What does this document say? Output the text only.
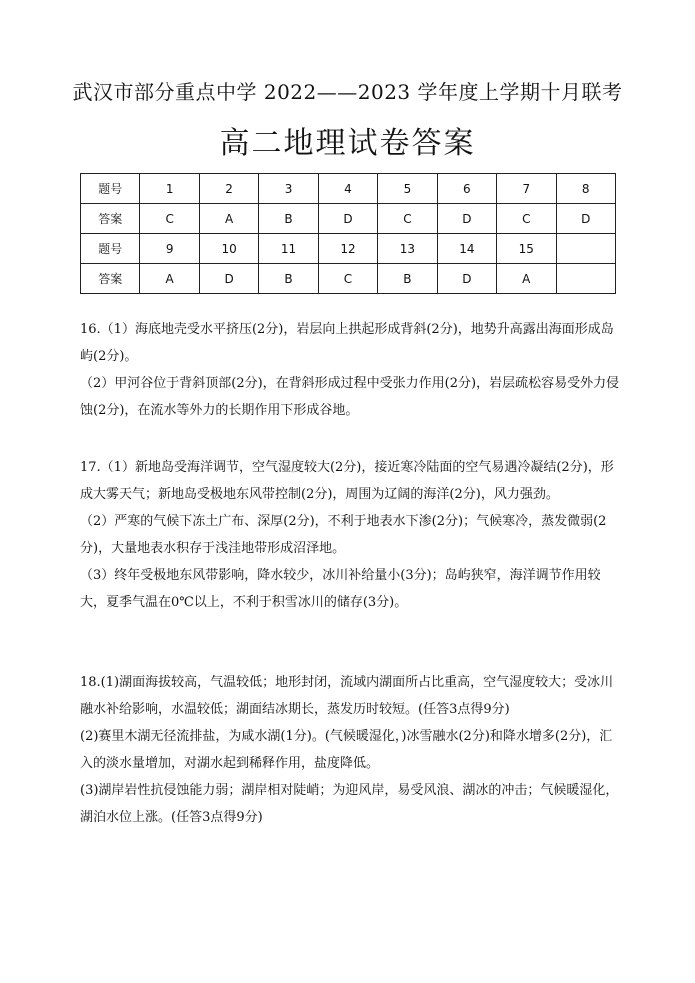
武汉市部分重点中学 2022——2023 学年度上学期十月联考
高二地理试卷答案
题号	1	2	3	4	5	6	7	8
答案	C	A	B	D	C	D	C	D
题号	9	10	11	12	13	14	15	
答案	A	D	B	C	B	D	A	

16.（1）海底地壳受水平挤压(2分)，岩层向上拱起形成背斜(2分)，地势升高露出海面形成岛屿(2分)。

（2）甲河谷位于背斜顶部(2分)，在背斜形成过程中受张力作用(2分)，岩层疏松容易受外力侵蚀(2分)，在流水等外力的长期作用下形成谷地。

17.（1）新地岛受海洋调节，空气湿度较大(2分)，接近寒冷陆面的空气易遇冷凝结(2分)，形成大雾天气；新地岛受极地东风带控制(2分)，周围为辽阔的海洋(2分)，风力强劲。

（2）严寒的气候下冻土广布、深厚(2分)，不利于地表水下渗(2分)；气候寒冷，蒸发微弱(2分)，大量地表水积存于浅洼地带形成沼泽地。

（3）终年受极地东风带影响，降水较少，冰川补给量小(3分)；岛屿狭窄，海洋调节作用较大，夏季气温在0℃以上，不利于积雪冰川的储存(3分)。

18.(1)湖面海拔较高，气温较低；地形封闭，流域内湖面所占比重高，空气湿度较大；受冰川融水补给影响，水温较低；湖面结冰期长，蒸发历时较短。(任答3点得9分)

(2)赛里木湖无径流排盐，为咸水湖(1分)。(气候暖湿化，)冰雪融水(2分)和降水增多(2分)，汇入的淡水量增加，对湖水起到稀释作用，盐度降低。

(3)湖岸岩性抗侵蚀能力弱；湖岸相对陡峭；为迎风岸，易受风浪、湖冰的冲击；气候暖湿化，湖泊水位上涨。(任答3点得9分)
